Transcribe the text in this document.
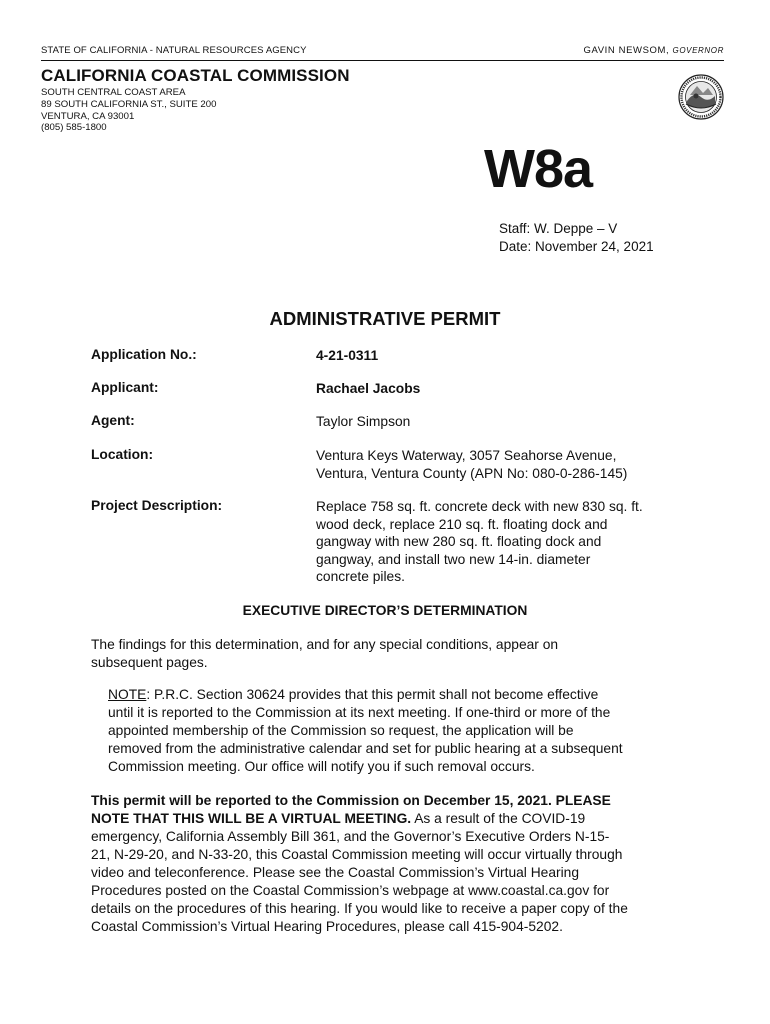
STATE OF CALIFORNIA - NATURAL RESOURCES AGENCY	GAVIN NEWSOM, GOVERNOR
CALIFORNIA COASTAL COMMISSION
SOUTH CENTRAL COAST AREA
89 SOUTH CALIFORNIA ST., SUITE 200
VENTURA, CA 93001
(805) 585-1800
W8a
Staff: W. Deppe – V
Date: November 24, 2021
ADMINISTRATIVE PERMIT
Application No.:	4-21-0311
Applicant:	Rachael Jacobs
Agent:	Taylor Simpson
Location:	Ventura Keys Waterway, 3057 Seahorse Avenue,
Ventura, Ventura County (APN No: 080-0-286-145)
Project Description:	Replace 758 sq. ft. concrete deck with new 830 sq. ft.
wood deck, replace 210 sq. ft. floating dock and
gangway with new 280 sq. ft. floating dock and
gangway, and install two new 14-in. diameter
concrete piles.
EXECUTIVE DIRECTOR’S DETERMINATION
The findings for this determination, and for any special conditions, appear on
subsequent pages.
NOTE: P.R.C. Section 30624 provides that this permit shall not become effective
until it is reported to the Commission at its next meeting. If one-third or more of the
appointed membership of the Commission so request, the application will be
removed from the administrative calendar and set for public hearing at a subsequent
Commission meeting. Our office will notify you if such removal occurs.
This permit will be reported to the Commission on December 15, 2021. PLEASE
NOTE THAT THIS WILL BE A VIRTUAL MEETING. As a result of the COVID-19
emergency, California Assembly Bill 361, and the Governor’s Executive Orders N-15-
21, N-29-20, and N-33-20, this Coastal Commission meeting will occur virtually through
video and teleconference. Please see the Coastal Commission’s Virtual Hearing
Procedures posted on the Coastal Commission’s webpage at www.coastal.ca.gov for
details on the procedures of this hearing. If you would like to receive a paper copy of the
Coastal Commission’s Virtual Hearing Procedures, please call 415-904-5202.
